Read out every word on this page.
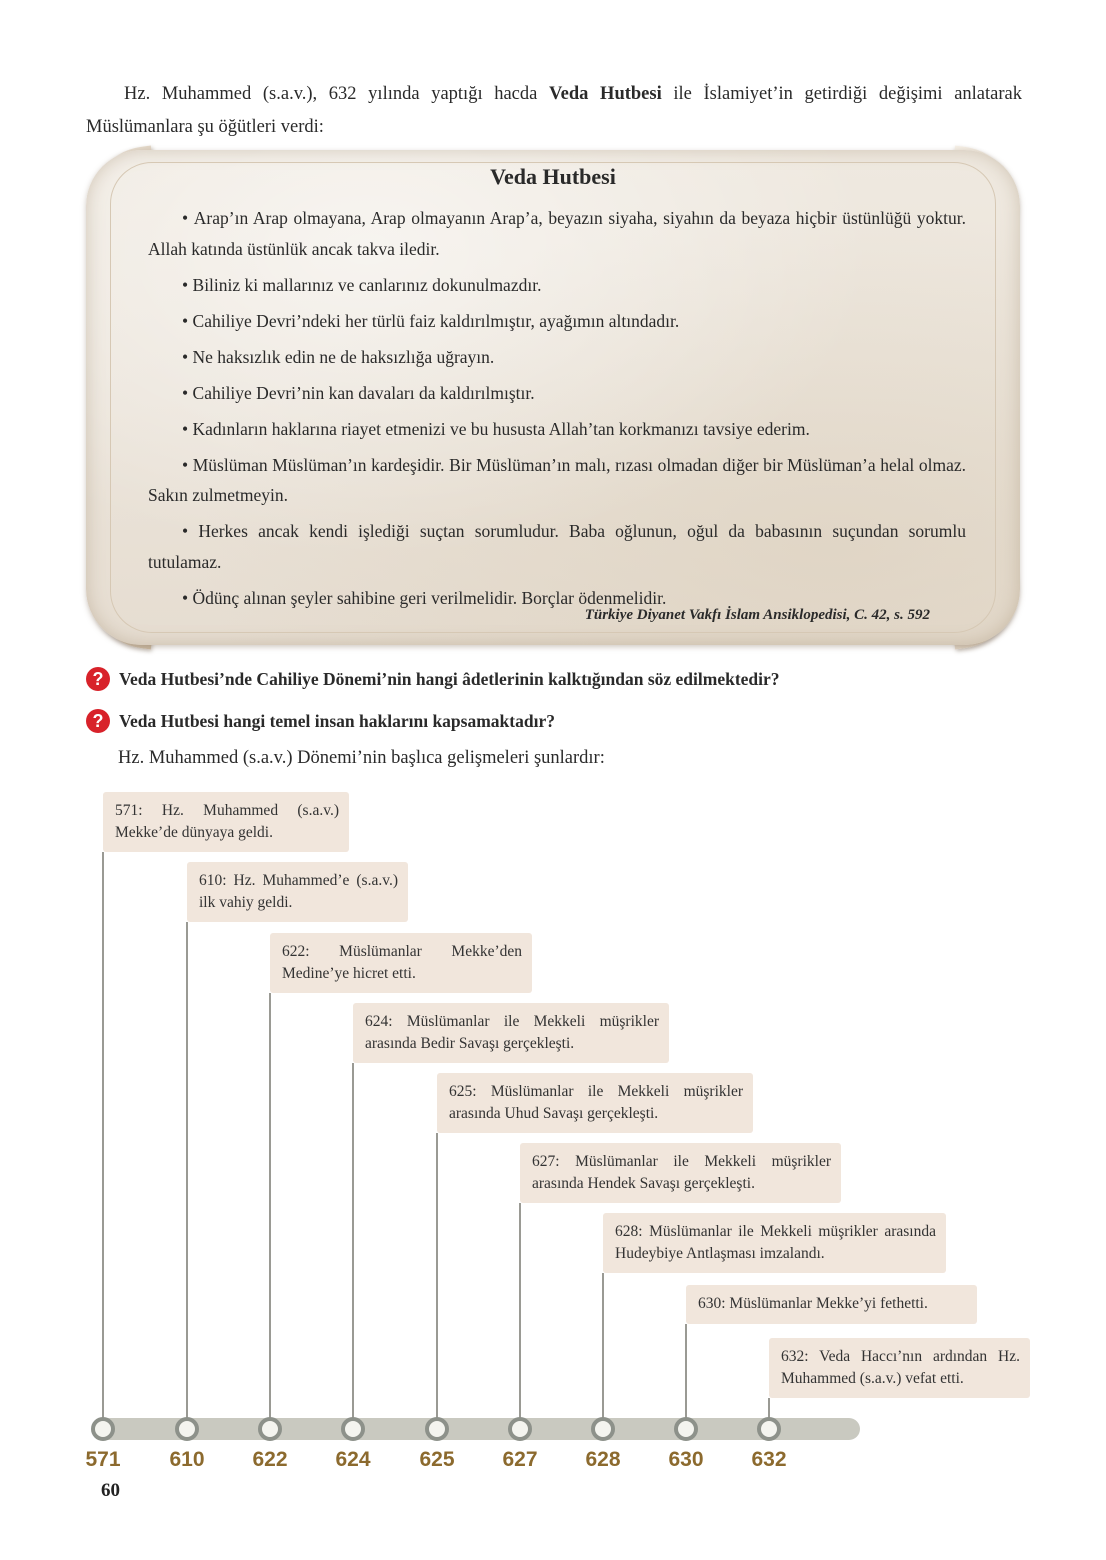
Hz. Muhammed (s.a.v.), 632 yılında yaptığı hacda Veda Hutbesi ile İslamiyet’in getirdiği değişimi anlatarak Müslümanlara şu öğütleri verdi:
Veda Hutbesi
• Arap’ın Arap olmayana, Arap olmayanın Arap’a, beyazın siyaha, siyahın da beyaza hiçbir üstünlüğü yoktur. Allah katında üstünlük ancak takva iledir.
• Biliniz ki mallarınız ve canlarınız dokunulmazdır.
• Cahiliye Devri’ndeki her türlü faiz kaldırılmıştır, ayağımın altındadır.
• Ne haksızlık edin ne de haksızlığa uğrayın.
• Cahiliye Devri’nin kan davaları da kaldırılmıştır.
• Kadınların haklarına riayet etmenizi ve bu hususta Allah’tan korkmanızı tavsiye ederim.
• Müslüman Müslüman’ın kardeşidir. Bir Müslüman’ın malı, rızası olmadan diğer bir Müslüman’a helal olmaz. Sakın zulmetmeyin.
• Herkes ancak kendi işlediği suçtan sorumludur. Baba oğlunun, oğul da babasının suçundan sorumlu tutulamaz.
• Ödünç alınan şeyler sahibine geri verilmelidir. Borçlar ödenmelidir.
Türkiye Diyanet Vakfı İslam Ansiklopedisi, C. 42, s. 592
? Veda Hutbesi’nde Cahiliye Dönemi’nin hangi âdetlerinin kalktığından söz edilmektedir?
? Veda Hutbesi hangi temel insan haklarını kapsamaktadır?
Hz. Muhammed (s.a.v.) Dönemi’nin başlıca gelişmeleri şunlardır:
571: Hz. Muhammed (s.a.v.) Mekke’de dünyaya geldi.
610: Hz. Muhammed’e (s.a.v.) ilk vahiy geldi.
622: Müslümanlar Mekke’den Medine’ye hicret etti.
624: Müslümanlar ile Mekkeli müşrikler arasında Bedir Savaşı gerçekleşti.
625: Müslümanlar ile Mekkeli müşrikler arasında Uhud Savaşı gerçekleşti.
627: Müslümanlar ile Mekkeli müşrikler arasında Hendek Savaşı gerçekleşti.
628: Müslümanlar ile Mekkeli müşrikler arasında Hudeybiye Antlaşması imzalandı.
630: Müslümanlar Mekke’yi fethetti.
632: Veda Haccı’nın ardından Hz. Muhammed (s.a.v.) vefat etti.
571	610	622	624	625	627	628	630	632
60
